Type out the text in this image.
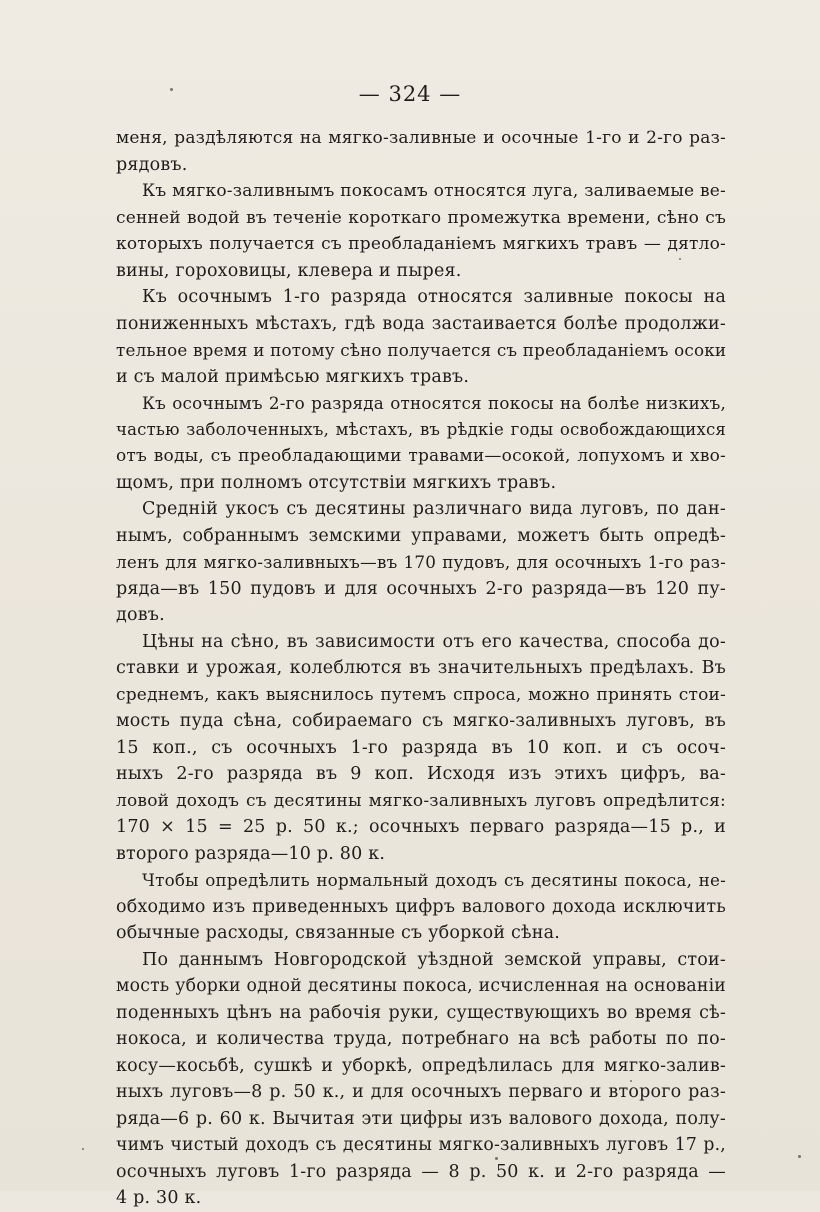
— 324 —
меня, раздѣляются на мягко-заливные и осочные 1-го и 2-го раз-
рядовъ.
Къ мягко-заливнымъ покосамъ относятся луга, заливаемые ве-
сенней водой въ теченіе короткаго промежутка времени, сѣно съ
которыхъ получается съ преобладаніемъ мягкихъ травъ — дятло-
вины, гороховицы, клевера и пырея.
Къ осочнымъ 1-го разряда относятся заливные покосы на
пониженныхъ мѣстахъ, гдѣ вода застаивается болѣе продолжи-
тельное время и потому сѣно получается съ преобладаніемъ осоки
и съ малой примѣсью мягкихъ травъ.
Къ осочнымъ 2-го разряда относятся покосы на болѣе низкихъ,
частью заболоченныхъ, мѣстахъ, въ рѣдкіе годы освобождающихся
отъ воды, съ преобладающими травами—осокой, лопухомъ и хво-
щомъ, при полномъ отсутствіи мягкихъ травъ.
Средній укосъ съ десятины различнаго вида луговъ, по дан-
нымъ, собраннымъ земскими управами, можетъ быть опредѣ-
ленъ для мягко-заливныхъ—въ 170 пудовъ, для осочныхъ 1-го раз-
ряда—въ 150 пудовъ и для осочныхъ 2-го разряда—въ 120 пу-
довъ.
Цѣны на сѣно, въ зависимости отъ его качества, способа до-
ставки и урожая, колеблются въ значительныхъ предѣлахъ. Въ
среднемъ, какъ выяснилось путемъ спроса, можно принять стои-
мость пуда сѣна, собираемаго съ мягко-заливныхъ луговъ, въ
15 коп., съ осочныхъ 1-го разряда въ 10 коп. и съ осоч-
ныхъ 2-го разряда въ 9 коп. Исходя изъ этихъ цифръ, ва-
ловой доходъ съ десятины мягко-заливныхъ луговъ опредѣлится:
170 × 15 = 25 р. 50 к.; осочныхъ перваго разряда—15 р., и
второго разряда—10 р. 80 к.
Чтобы опредѣлить нормальный доходъ съ десятины покоса, не-
обходимо изъ приведенныхъ цифръ валового дохода исключить
обычные расходы, связанные съ уборкой сѣна.
По даннымъ Новгородской уѣздной земской управы, стои-
мость уборки одной десятины покоса, исчисленная на основаніи
поденныхъ цѣнъ на рабочія руки, существующихъ во время сѣ-
нокоса, и количества труда, потребнаго на всѣ работы по по-
косу—косьбѣ, сушкѣ и уборкѣ, опредѣлилась для мягко-залив-
ныхъ луговъ—8 р. 50 к., и для осочныхъ перваго и второго раз-
ряда—6 р. 60 к. Вычитая эти цифры изъ валового дохода, полу-
чимъ чистый доходъ съ десятины мягко-заливныхъ луговъ 17 р.,
осочныхъ луговъ 1-го разряда — 8 р. 50 к. и 2-го разряда —
4 р. 30 к.
